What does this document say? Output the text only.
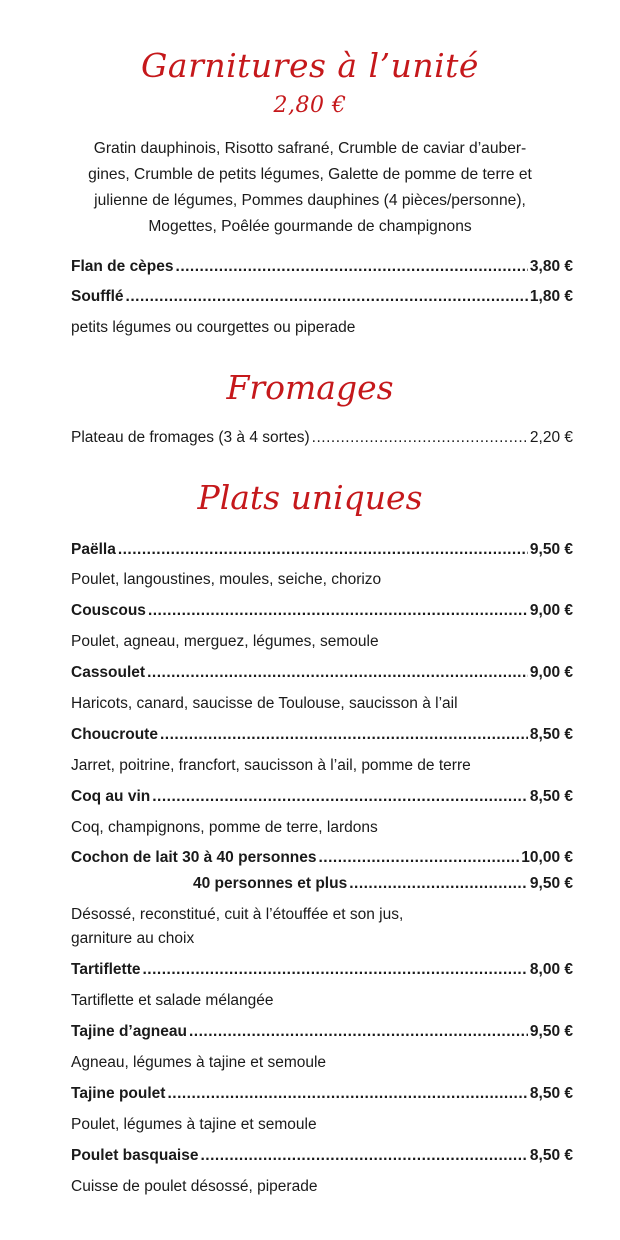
Garnitures à l’unité
2,80 €
Gratin dauphinois, Risotto safrané, Crumble de caviar d’auber-
gines, Crumble de petits légumes, Galette de pomme de terre et
julienne de légumes, Pommes dauphines (4 pièces/personne),
Mogettes, Poêlée gourmande de champignons
Flan de cèpes .....	3,80 €
Soufflé .....	1,80 €
petits légumes ou courgettes ou piperade
Fromages
Plateau de fromages (3 à 4 sortes) .....	2,20 €
Plats uniques
Paëlla .....	9,50 €
Poulet, langoustines, moules, seiche, chorizo
Couscous .....	9,00 €
Poulet, agneau, merguez, légumes, semoule
Cassoulet .....	9,00 €
Haricots, canard, saucisse de Toulouse, saucisson à l’ail
Choucroute .....	8,50 €
Jarret, poitrine, francfort, saucisson à l’ail, pomme de terre
Coq au vin .....	8,50 €
Coq, champignons, pomme de terre, lardons
Cochon de lait 30 à 40 personnes .....	10,00 €
40 personnes et plus .....	9,50 €
Désossé, reconstitué, cuit à l’étouffée et son jus,
garniture au choix
Tartiflette .....	8,00 €
Tartiflette et salade mélangée
Tajine d’agneau .....	9,50 €
Agneau, légumes à tajine et semoule
Tajine poulet .....	8,50 €
Poulet, légumes à tajine et semoule
Poulet basquaise .....	8,50 €
Cuisse de poulet désossé, piperade
